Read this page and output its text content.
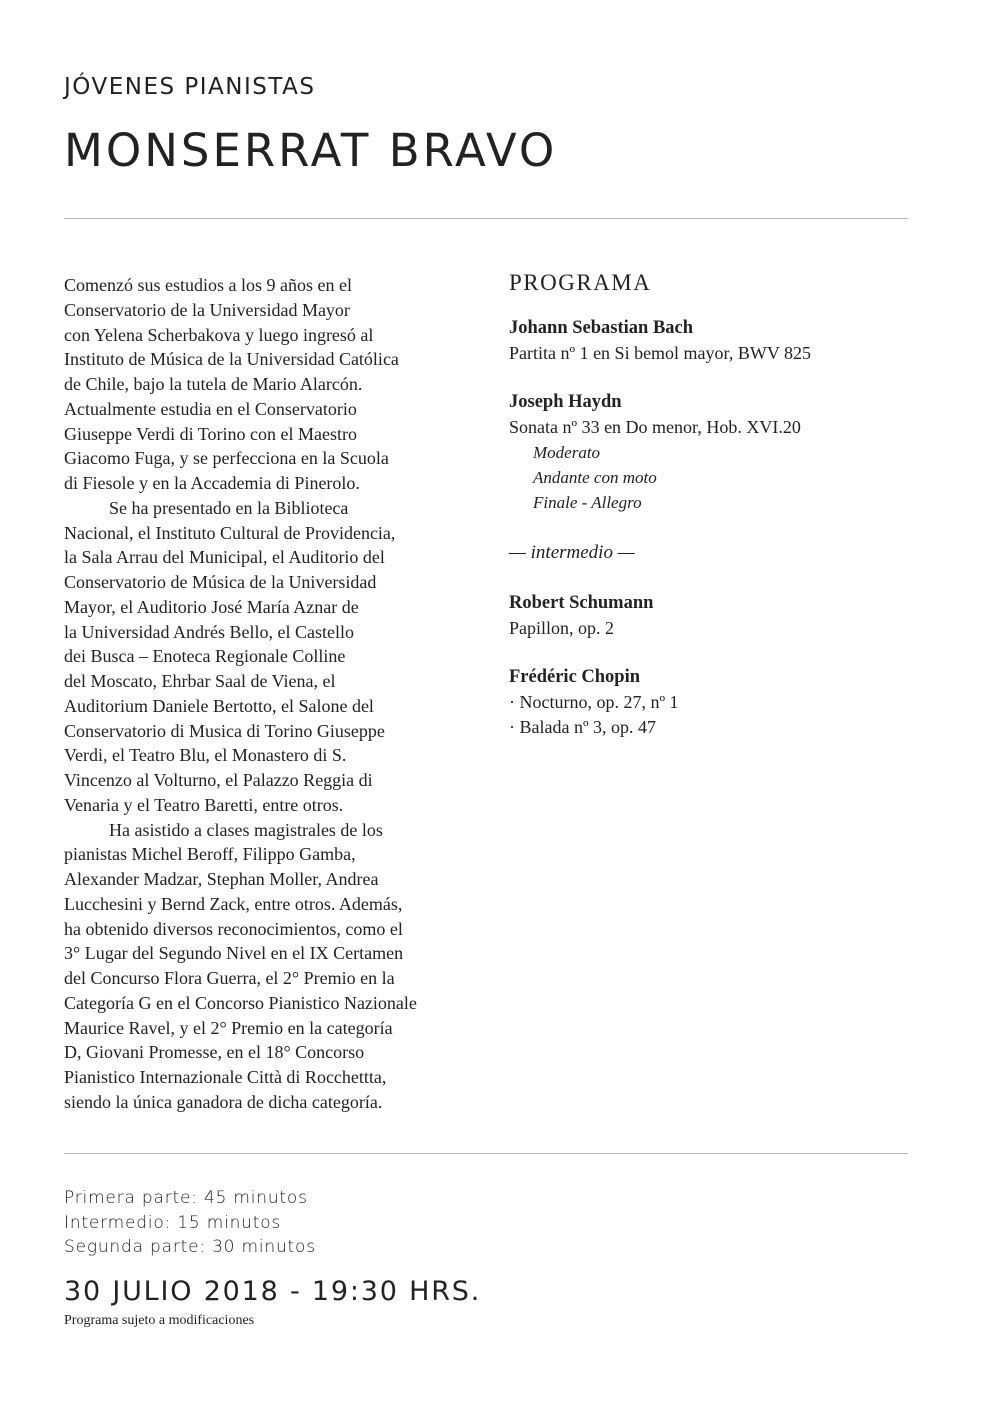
JÓVENES PIANISTAS
MONSERRAT BRAVO

Comenzó sus estudios a los 9 años en el
Conservatorio de la Universidad Mayor
con Yelena Scherbakova y luego ingresó al
Instituto de Música de la Universidad Católica
de Chile, bajo la tutela de Mario Alarcón.
Actualmente estudia en el Conservatorio
Giuseppe Verdi di Torino con el Maestro
Giacomo Fuga, y se perfecciona en la Scuola
di Fiesole y en la Accademia di Pinerolo.

Se ha presentado en la Biblioteca
Nacional, el Instituto Cultural de Providencia,
la Sala Arrau del Municipal, el Auditorio del
Conservatorio de Música de la Universidad
Mayor, el Auditorio José María Aznar de
la Universidad Andrés Bello, el Castello
dei Busca – Enoteca Regionale Colline
del Moscato, Ehrbar Saal de Viena, el
Auditorium Daniele Bertotto, el Salone del
Conservatorio di Musica di Torino Giuseppe
Verdi, el Teatro Blu, el Monastero di S.
Vincenzo al Volturno, el Palazzo Reggia di
Venaria y el Teatro Baretti, entre otros.

Ha asistido a clases magistrales de los
pianistas Michel Beroff, Filippo Gamba,
Alexander Madzar, Stephan Moller, Andrea
Lucchesini y Bernd Zack, entre otros. Además,
ha obtenido diversos reconocimientos, como el
3° Lugar del Segundo Nivel en el IX Certamen
del Concurso Flora Guerra, el 2° Premio en la
Categoría G en el Concorso Pianistico Nazionale
Maurice Ravel, y el 2° Premio en la categoría
D, Giovani Promesse, en el 18° Concorso
Pianistico Internazionale Città di Rocchettta,
siendo la única ganadora de dicha categoría.

PROGRAMA

Johann Sebastian Bach

Partita nº 1 en Si bemol mayor, BWV 825

Joseph Haydn

Sonata nº 33 en Do menor, Hob. XVI.20

Moderato

Andante con moto

Finale - Allegro

— intermedio —

Robert Schumann

Papillon, op. 2

Frédéric Chopin

· Nocturno, op. 27, nº 1

· Balada nº 3, op. 47

Primera parte: 45 minutos
Intermedio: 15 minutos
Segunda parte: 30 minutos
30 JULIO 2018 - 19:30 HRS.

Programa sujeto a modificaciones
